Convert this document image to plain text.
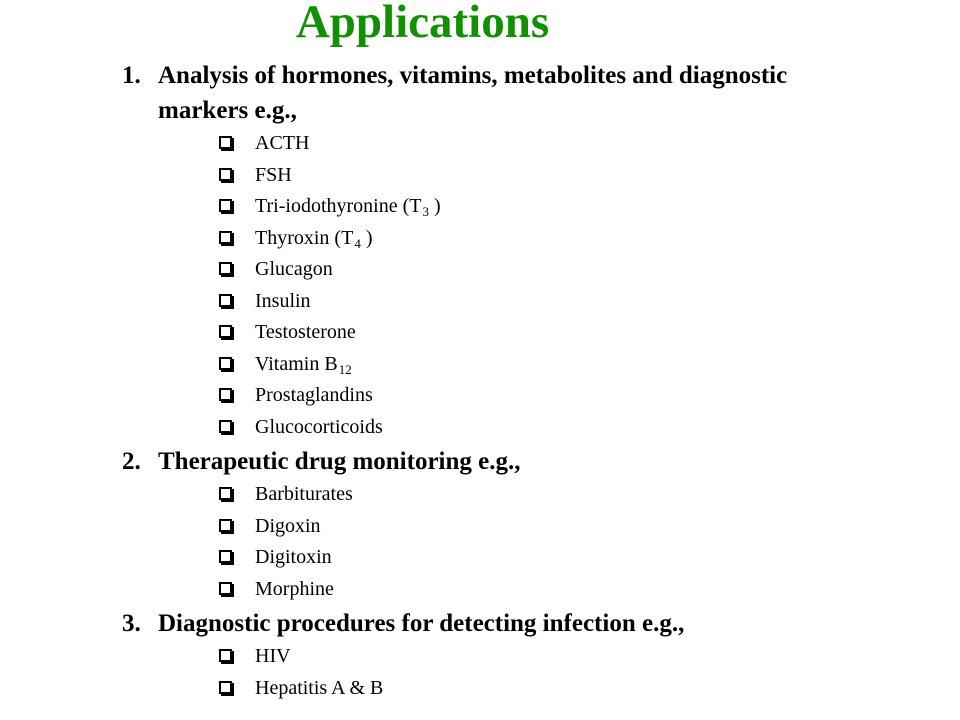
Applications
1. Analysis of hormones, vitamins, metabolites and diagnostic markers e.g.,
ACTH
FSH
Tri-iodothyronine ($T_3$ )
Thyroxin ($T_4$ )
Glucagon
Insulin
Testosterone
Vitamin $B_{12}$
Prostaglandins
Glucocorticoids
2. Therapeutic drug monitoring e.g.,
Barbiturates
Digoxin
Digitoxin
Morphine
3. Diagnostic procedures for detecting infection e.g.,
HIV
Hepatitis A & B
